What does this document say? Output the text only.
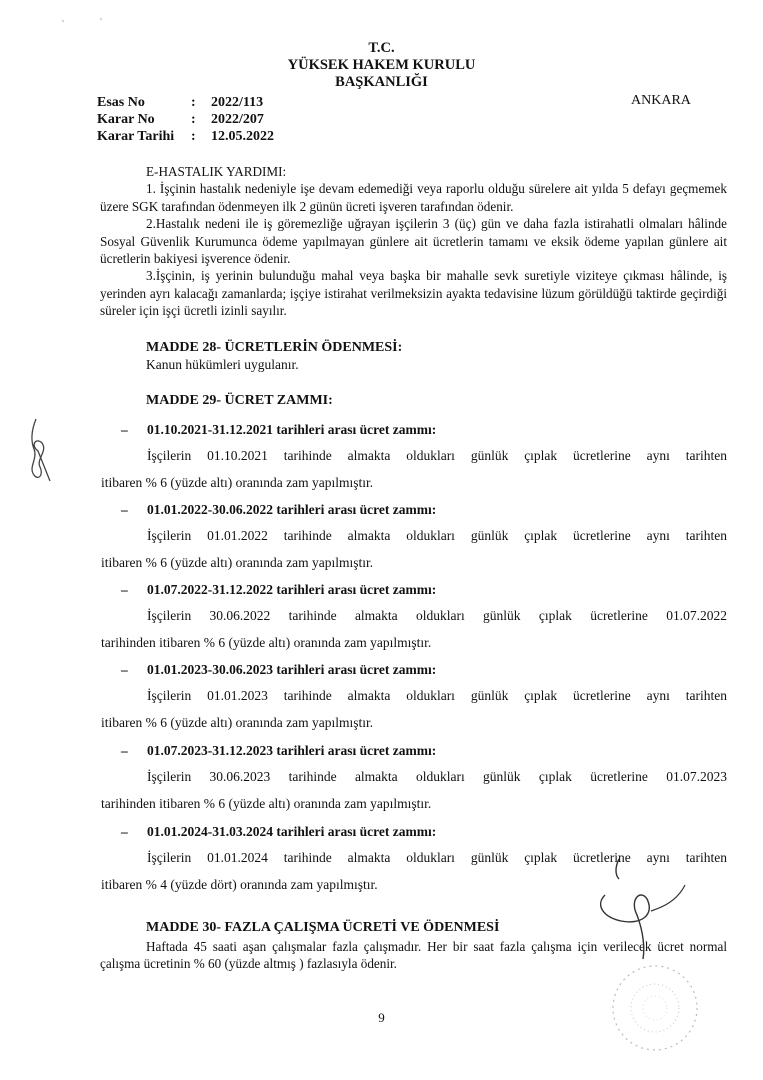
T.C.
YÜKSEK HAKEM KURULU
BAŞKANLIĞI
Esas No	:	2022/113
Karar No	:	2022/207
Karar Tarihi	:	12.05.2022
ANKARA

E-HASTALIK YARDIMI:

1. İşçinin hastalık nedeniyle işe devam edemediği veya raporlu olduğu sürelere ait yılda 5 defayı geçmemek üzere SGK tarafından ödenmeyen ilk 2 günün ücreti işveren tarafından ödenir.

2.Hastalık nedeni ile iş göremezliğe uğrayan işçilerin 3 (üç) gün ve daha fazla istirahatli olmaları hâlinde Sosyal Güvenlik Kurumunca ödeme yapılmayan günlere ait ücretlerin tamamı ve eksik ödeme yapılan günlere ait ücretlerin bakiyesi işverence ödenir.

3.İşçinin, iş yerinin bulunduğu mahal veya başka bir mahalle sevk suretiyle viziteye çıkması hâlinde, iş yerinden ayrı kalacağı zamanlarda; işçiye istirahat verilmeksizin ayakta tedavisine lüzum görüldüğü taktirde geçirdiği süreler için işçi ücretli izinli sayılır.

MADDE 28- ÜCRETLERİN ÖDENMESİ:
Kanun hükümleri uygulanır.
MADDE 29- ÜCRET ZAMMI:
– 01.10.2021-31.12.2021 tarihleri arası ücret zammı:
İşçilerin 01.10.2021 tarihinde almakta oldukları günlük çıplak ücretlerine aynı tarihten
itibaren % 6 (yüzde altı) oranında zam yapılmıştır.
– 01.01.2022-30.06.2022 tarihleri arası ücret zammı:
İşçilerin 01.01.2022 tarihinde almakta oldukları günlük çıplak ücretlerine aynı tarihten
itibaren % 6 (yüzde altı) oranında zam yapılmıştır.
– 01.07.2022-31.12.2022 tarihleri arası ücret zammı:
İşçilerin 30.06.2022 tarihinde almakta oldukları günlük çıplak ücretlerine 01.07.2022
tarihinden itibaren % 6 (yüzde altı) oranında zam yapılmıştır.
– 01.01.2023-30.06.2023 tarihleri arası ücret zammı:
İşçilerin 01.01.2023 tarihinde almakta oldukları günlük çıplak ücretlerine aynı tarihten
itibaren % 6 (yüzde altı) oranında zam yapılmıştır.
– 01.07.2023-31.12.2023 tarihleri arası ücret zammı:
İşçilerin 30.06.2023 tarihinde almakta oldukları günlük çıplak ücretlerine 01.07.2023
tarihinden itibaren % 6 (yüzde altı) oranında zam yapılmıştır.
– 01.01.2024-31.03.2024 tarihleri arası ücret zammı:
İşçilerin 01.01.2024 tarihinde almakta oldukları günlük çıplak ücretlerine aynı tarihten
itibaren % 4 (yüzde dört) oranında zam yapılmıştır.
MADDE 30- FAZLA ÇALIŞMA ÜCRETİ VE ÖDENMESİ

Haftada 45 saati aşan çalışmalar fazla çalışmadır. Her bir saat fazla çalışma için verilecek ücret normal çalışma ücretinin % 60 (yüzde altmış ) fazlasıyla ödenir.

9
